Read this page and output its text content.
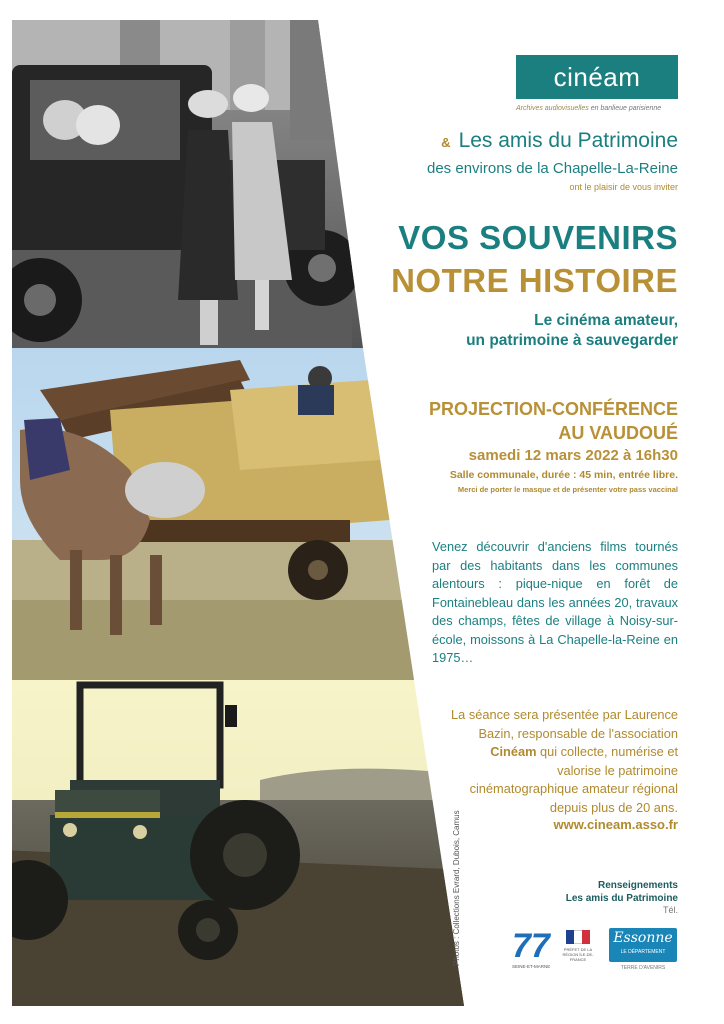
Photos : Collections Evrard, Dubois, Camus
cinéam
Archives audiovisuelles en banlieue parisienne
& Les amis du Patrimoine
des environs de la Chapelle-La-Reine
ont le plaisir de vous inviter
VOS SOUVENIRS
NOTRE HISTOIRE
Le cinéma amateur,
un patrimoine à sauvegarder
PROJECTION-CONFÉRENCE
AU VAUDOUÉ
samedi 12 mars 2022 à 16h30
Salle communale, durée : 45 min, entrée libre.
Merci de porter le masque et de présenter votre pass vaccinal
Venez découvrir d'anciens films tournés par des habitants dans les communes alentours : pique-nique en forêt de Fontainebleau dans les années 20, travaux des champs, fêtes de village à Noisy-sur-école, moissons à La Chapelle-la-Reine en 1975…
La séance sera présentée par Laurence Bazin, responsable de l'association Cinéam qui collecte, numérise et valorise le patrimoine cinématographique amateur régional depuis plus de 20 ans.
www.cineam.asso.fr
Renseignements
Les amis du Patrimoine
Tél.
77
SEINE-ET-MARNE
PRÉFET DE LA RÉGION ÎLE-DE-FRANCE
Essonne
LE DÉPARTEMENT
TERRE D'AVENIRS
